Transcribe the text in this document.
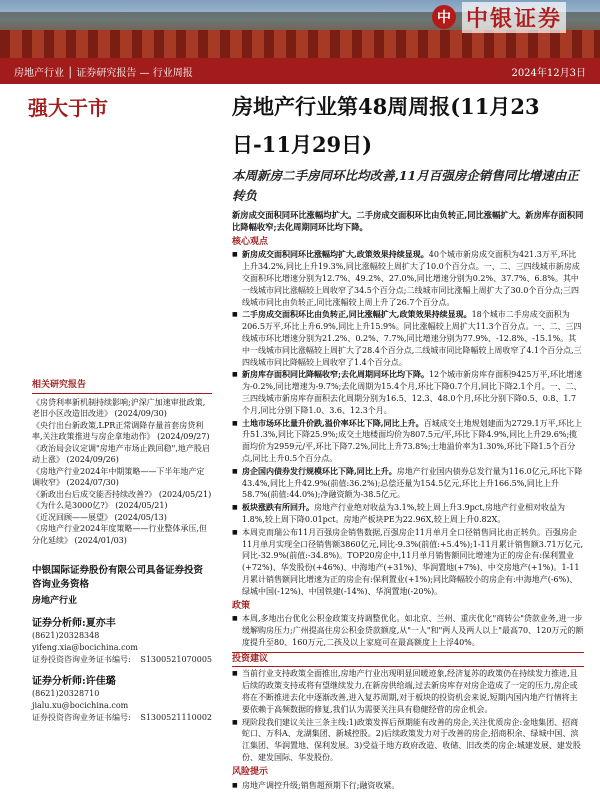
中 中银证券
房地产行业 │ 证券研究报告 — 行业周报	2024年12月3日
强大于市	房地产行业第48周周报(11月23日-11月29日)
本周新房二手房同环比均改善,11月百强房企销售同比增速由正转负
相关研究报告
《房贷利率新机制持续影响;沪深广加速审批政策,老旧小区改造旧改进》 (2024/09/30)
《央行出台新政策,LPR正常调降存量首套房贷利率,关注政策推进与房企拿地动作》 (2024/09/27)
《政治局会议定调"房地产市场止跌回稳",地产股启动上涨》 (2024/09/26)
《房地产行业2024年中期策略——下半年地产定调收窄》 (2024/07/30)
《新政出台后成交能否持续改善?》 (2024/05/21)
《为什么是3000亿?》 (2024/05/21)
《近况回顾——展望》 (2024/05/13)
《房地产行业2024年度策略——行业整体承压,但分化延续》 (2024/01/03)
中银国际证券股份有限公司具备证券投资咨询业务资格
房地产行业
证券分析师:夏亦丰
(8621)20328348
yifeng.xia@bocichina.com
证券投资咨询业务证书编号: S1300521070005
证券分析师:许佳璐
(8621)20328710
jialu.xu@bocichina.com
证券投资咨询业务证书编号: S1300521110002
新房成交面积同环比涨幅均扩大。二手房成交面积环比由负转正,同比涨幅扩大。新房库存面积同比降幅收窄;去化周期同环比均下降。
核心观点
■ 新房成交面积同环比涨幅均扩大,政策效果持续显现。40个城市新房成交面积为421.3万平,环比上升34.2%,同比上升19.3%,同比涨幅较上周扩大了10.0个百分点。一、二、三四线城市新房成交面积环比增速分别为12.7%、49.2%、27.0%,同比增速分别为0.2%、37.7%、6.8%。其中一线城市同比涨幅较上周收窄了34.5个百分点;二线城市同比涨幅上周扩大了30.0个百分点;三四线城市同比由负转正,同比涨幅较上周上升了26.7个百分点。
■ 二手房成交面积环比由负转正,同比涨幅扩大,政策效果持续显现。18个城市二手房成交面积为206.5万平,环比上升6.9%,同比上升15.9%。同比涨幅较上周扩大11.3个百分点。一、二、三四线城市环比增速分别为21.2%、0.2%、7.7%,同比增速分别为77.9%、-12.8%、-15.1%。其中一线城市同比涨幅较上周扩大了28.4个百分点,二线城市同比降幅较上周收窄了4.1个百分点,三四线城市同比降幅较上周收窄了1.4个百分点。
■ 新房库存面积同比降幅收窄;去化周期同环比均下降。12个城市新房库存面积9425万平,环比增速为-0.2%,同比增速为-9.7%;去化周期为15.4个月,环比下降0.7个月,同比下降2.1个月。一、二、三四线城市新房库存面积去化周期分别为16.5、12.3、48.0个月,环比分别下降0.5、0.8、1.7个月,同比分别下降1.0、3.6、12.3个月。
■ 土地市场环比量升价跌,溢价率环比下降,同比上升。百城成交土地规划建面为2729.1万平,环比上升51.3%,同比下降25.9%;成交土地楼面均价为807.5元/平,环比下降4.9%,同比上升29.6%;揽面均价为2959元/平,环比下降7.2%,同比上升73.8%;土地溢价率为1.30%,环比下降1.5个百分点,同比上升0.5个百分点。
■ 房企国内债券发行规模环比下降,同比上升。房地产行业国内债券总发行量为116.0亿元,环比下降43.4%,同比上升42.9%(前值:36.2%);总偿还量为154.5亿元,环比上升166.5%,同比上升58.7%(前值:44.0%);净融资额为-38.5亿元。
■ 板块涨跌有所回升。房地产行业绝对收益为3.1%,较上周上升3.9pct,房地产行业相对收益为1.8%,较上周下降0.01pct。房地产板块PE为22.96X,较上周上升0.82X。
■ 本周克而瑞公布11月百强房企销售数据,百强房企11月单月全口径销售同比由正转负。百强房企11月单月实现全口径销售额3860亿元,同比-9.3%(前值:+5.4%);1-11月累计销售额3.71万亿元,同比-32.9%(前值:-34.8%)。TOP20房企中,11月单月销售额同比增速为正的房企有:保利置业(+72%)、华发股份(+46%)、中海地产(+31%)、华润置地(+7%)、中交房地产(+1%)。1-11月累计销售额同比增速为正的房企有:保利置业(+1%);同比降幅较小的房企有:中海地产(-6%)、绿城中国(-12%)、中国铁建(-14%)、华润置地(-20%)。
政策
■ 本周,多地出台优化公积金政策支持调整优化。如北京、兰州、重庆优化"商转公"贷款业务,进一步缓解购房压力;广州提高住房公积金贷款额度,从"一人"和"两人及两人以上"最高70、120万元的额度提升至80、160万元,二孩及以上家庭可在最高额度上上浮40%。
投资建议
■ 当前行业支持政策全面推出,房地产行业出现明显回暖迹象,经济复苏的政策仍在持续发力推进,且后续的政策支持或将有望继续发力,在新房供给端,过去新房库存对房企造成了一定的压力,房企或将在不断推进去化中逐渐改善,进入复苏周期,对于板块的投资机会来说,短期内国内地产行情将主要依赖于高频数据的修复,我们认为需要关注具有稳健经营的房企机会。
■ 现阶段我们建议关注三条主线:1)政策发挥后预期能有改善的房企,关注优质房企:金地集团、招商蛇口、万科A、龙湖集团、新城控股。2)后续政策发力对于改善的房企,招商积余、绿城中国、滨江集团、华润置地、保利发展。3)受益于地方政府改造、收储、旧改类的房企:城建发展、建发股份、建发国际、华发股份。
风险提示
■ 房地产调控升级;销售超预期下行;融资收紧。
